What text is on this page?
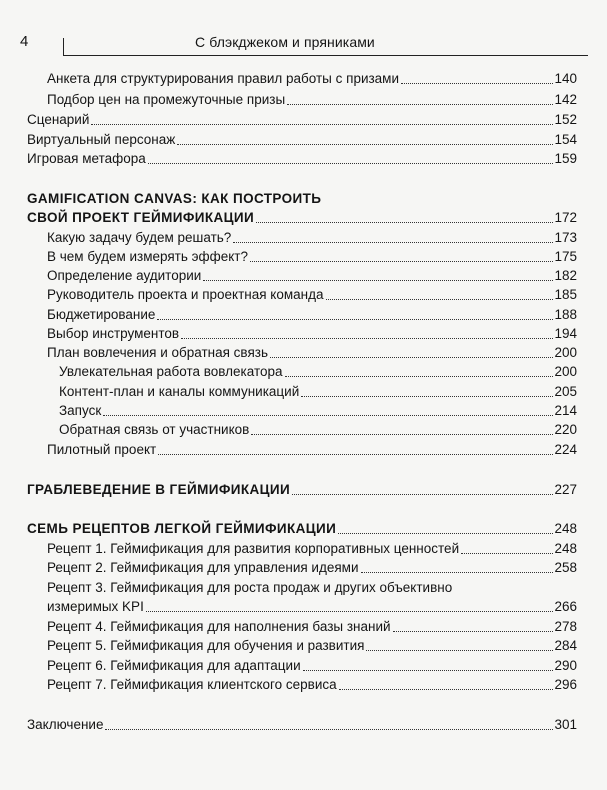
4	С блэкджеком и пряниками
Анкета для структурирования правил работы с призами	140
Подбор цен на промежуточные призы	142
Сценарий	152
Виртуальный персонаж	154
Игровая метафора	159
GAMIFICATION CANVAS: КАК ПОСТРОИТЬ
СВОЙ ПРОЕКТ ГЕЙМИФИКАЦИИ	172
Какую задачу будем решать?	173
В чем будем измерять эффект?	175
Определение аудитории	182
Руководитель проекта и проектная команда	185
Бюджетирование	188
Выбор инструментов	194
План вовлечения и обратная связь	200
Увлекательная работа вовлекатора	200
Контент-план и каналы коммуникаций	205
Запуск	214
Обратная связь от участников	220
Пилотный проект	224
ГРАБЛЕВЕДЕНИЕ В ГЕЙМИФИКАЦИИ	227
СЕМЬ РЕЦЕПТОВ ЛЕГКОЙ ГЕЙМИФИКАЦИИ	248
Рецепт 1. Геймификация для развития корпоративных ценностей	248
Рецепт 2. Геймификация для управления идеями	258
Рецепт 3. Геймификация для роста продаж и других объективно
измеримых KPI	266
Рецепт 4. Геймификация для наполнения базы знаний	278
Рецепт 5. Геймификация для обучения и развития	284
Рецепт 6. Геймификация для адаптации	290
Рецепт 7. Геймификация клиентского сервиса	296
Заключение	301
